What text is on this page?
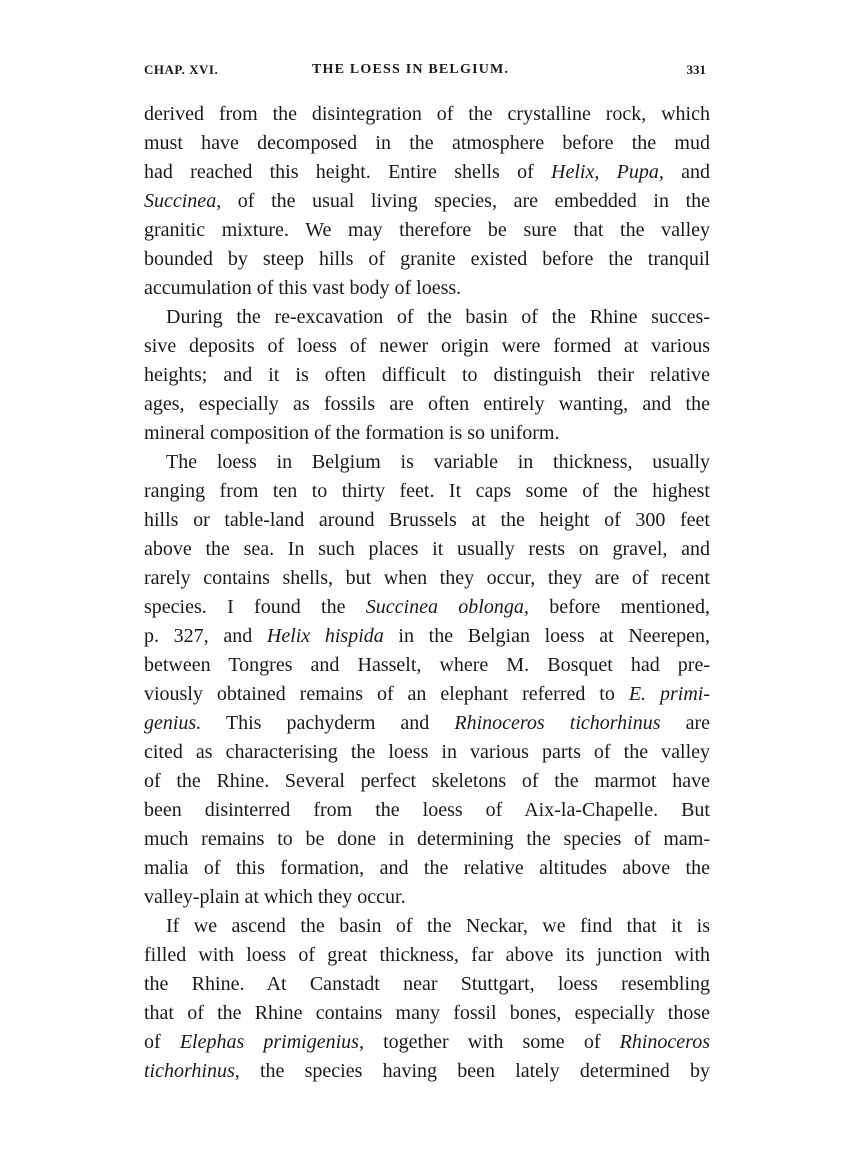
CHAP. XVI.	THE LOESS IN BELGIUM.	331
derived from the disintegration of the crystalline rock, which
must have decomposed in the atmosphere before the mud
had reached this height. Entire shells of Helix, Pupa, and
Succinea, of the usual living species, are embedded in the
granitic mixture. We may therefore be sure that the valley
bounded by steep hills of granite existed before the tranquil
accumulation of this vast body of loess.
During the re-excavation of the basin of the Rhine succes-
sive deposits of loess of newer origin were formed at various
heights; and it is often difficult to distinguish their relative
ages, especially as fossils are often entirely wanting, and the
mineral composition of the formation is so uniform.
The loess in Belgium is variable in thickness, usually
ranging from ten to thirty feet. It caps some of the highest
hills or table-land around Brussels at the height of 300 feet
above the sea. In such places it usually rests on gravel, and
rarely contains shells, but when they occur, they are of recent
species. I found the Succinea oblonga, before mentioned,
p. 327, and Helix hispida in the Belgian loess at Neerepen,
between Tongres and Hasselt, where M. Bosquet had pre-
viously obtained remains of an elephant referred to E. primi-
genius. This pachyderm and Rhinoceros tichorhinus are
cited as characterising the loess in various parts of the valley
of the Rhine. Several perfect skeletons of the marmot have
been disinterred from the loess of Aix-la-Chapelle. But
much remains to be done in determining the species of mam-
malia of this formation, and the relative altitudes above the
valley-plain at which they occur.
If we ascend the basin of the Neckar, we find that it is
filled with loess of great thickness, far above its junction with
the Rhine. At Canstadt near Stuttgart, loess resembling
that of the Rhine contains many fossil bones, especially those
of Elephas primigenius, together with some of Rhinoceros
tichorhinus, the species having been lately determined by
